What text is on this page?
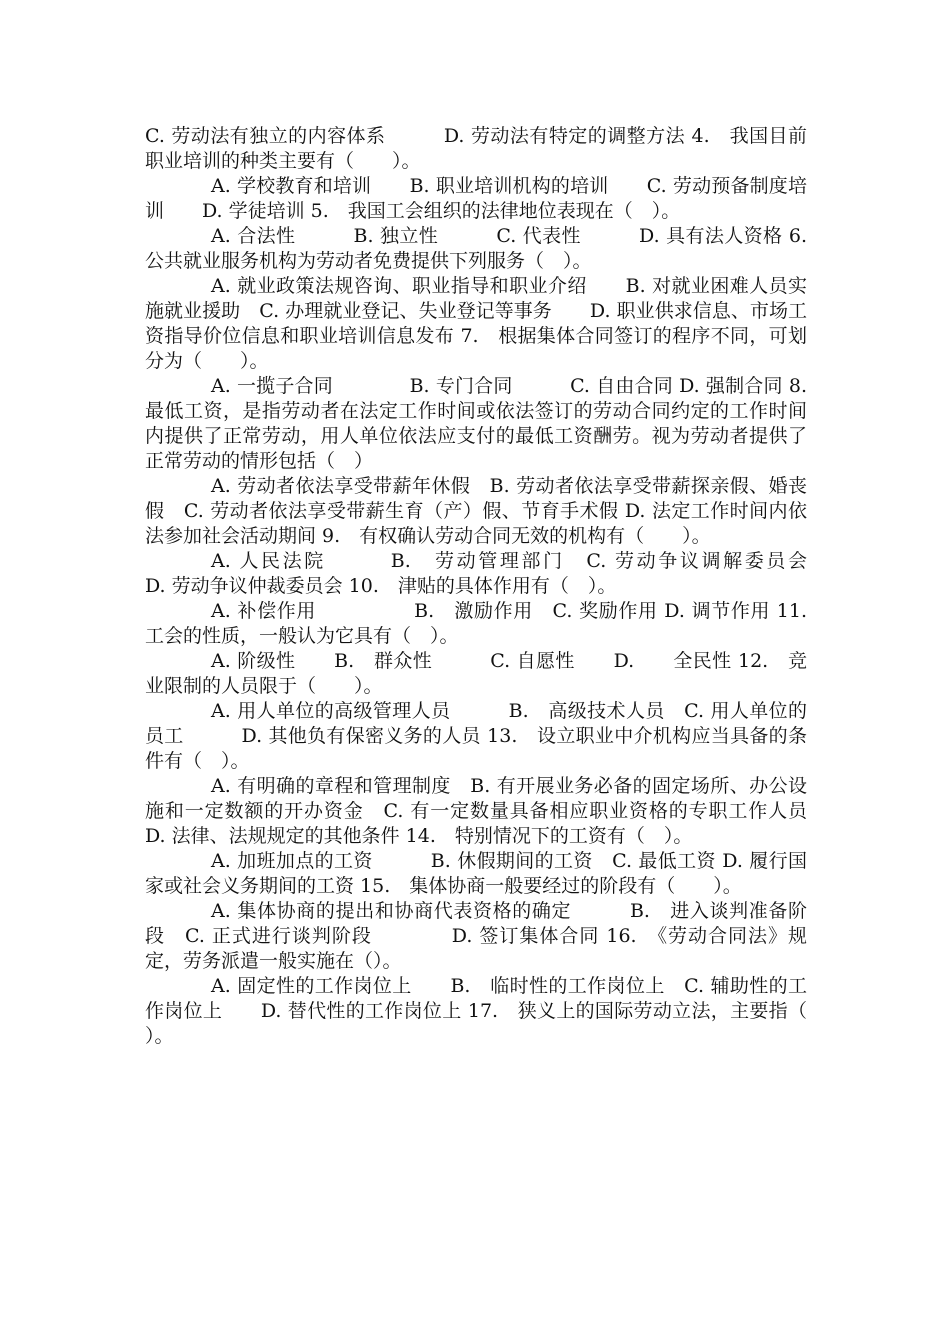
C. 劳动法有独立的内容体系　　　D. 劳动法有特定的调整方法 4.　我国目前职业培训的种类主要有（　　）。

A. 学校教育和培训　　B. 职业培训机构的培训　　C. 劳动预备制度培训　　D. 学徒培训 5.　我国工会组织的法律地位表现在（　）。

A. 合法性　　　B. 独立性　　　C. 代表性　　　D. 具有法人资格 6.　公共就业服务机构为劳动者免费提供下列服务（　）。

A. 就业政策法规咨询、职业指导和职业介绍　　B. 对就业困难人员实施就业援助　C. 办理就业登记、失业登记等事务　　D. 职业供求信息、市场工资指导价位信息和职业培训信息发布 7.　根据集体合同签订的程序不同，可划分为（　　）。

A. 一揽子合同　　　　B. 专门合同　　　C. 自由合同 D. 强制合同 8.　最低工资，是指劳动者在法定工作时间或依法签订的劳动合同约定的工作时间内提供了正常劳动，用人单位依法应支付的最低工资酬劳。视为劳动者提供了正常劳动的情形包括（　）

A. 劳动者依法享受带薪年休假　B. 劳动者依法享受带薪探亲假、婚丧假　C. 劳动者依法享受带薪生育（产）假、节育手术假 D. 法定工作时间内依法参加社会活动期间 9.　有权确认劳动合同无效的机构有（　　）。

A. 人民法院　　　B.　劳动管理部门　C. 劳动争议调解委员会　　　D. 劳动争议仲裁委员会 10.　津贴的具体作用有（　）。

A. 补偿作用　　　　　B.　激励作用　C. 奖励作用 D. 调节作用 11.　工会的性质，一般认为它具有（　）。

A. 阶级性　　B.　群众性　　　C. 自愿性　　D.　　全民性 12.　竞业限制的人员限于（　　）。

A. 用人单位的高级管理人员　　　B.　高级技术人员　C. 用人单位的员工　　　D. 其他负有保密义务的人员 13.　设立职业中介机构应当具备的条件有（　）。

A. 有明确的章程和管理制度　B. 有开展业务必备的固定场所、办公设施和一定数额的开办资金　C. 有一定数量具备相应职业资格的专职工作人员　D. 法律、法规规定的其他条件 14.　特别情况下的工资有（　）。

A. 加班加点的工资　　　B. 休假期间的工资　C. 最低工资 D. 履行国家或社会义务期间的工资 15.　集体协商一般要经过的阶段有（　　）。

A. 集体协商的提出和协商代表资格的确定　　　B.　进入谈判准备阶段　C. 正式进行谈判阶段　　　　D. 签订集体合同 16.　《劳动合同法》规定，劳务派遣一般实施在（）。

A. 固定性的工作岗位上　　B.　临时性的工作岗位上　C. 辅助性的工作岗位上　　D. 替代性的工作岗位上 17.　狭义上的国际劳动立法，主要指（　　）。
